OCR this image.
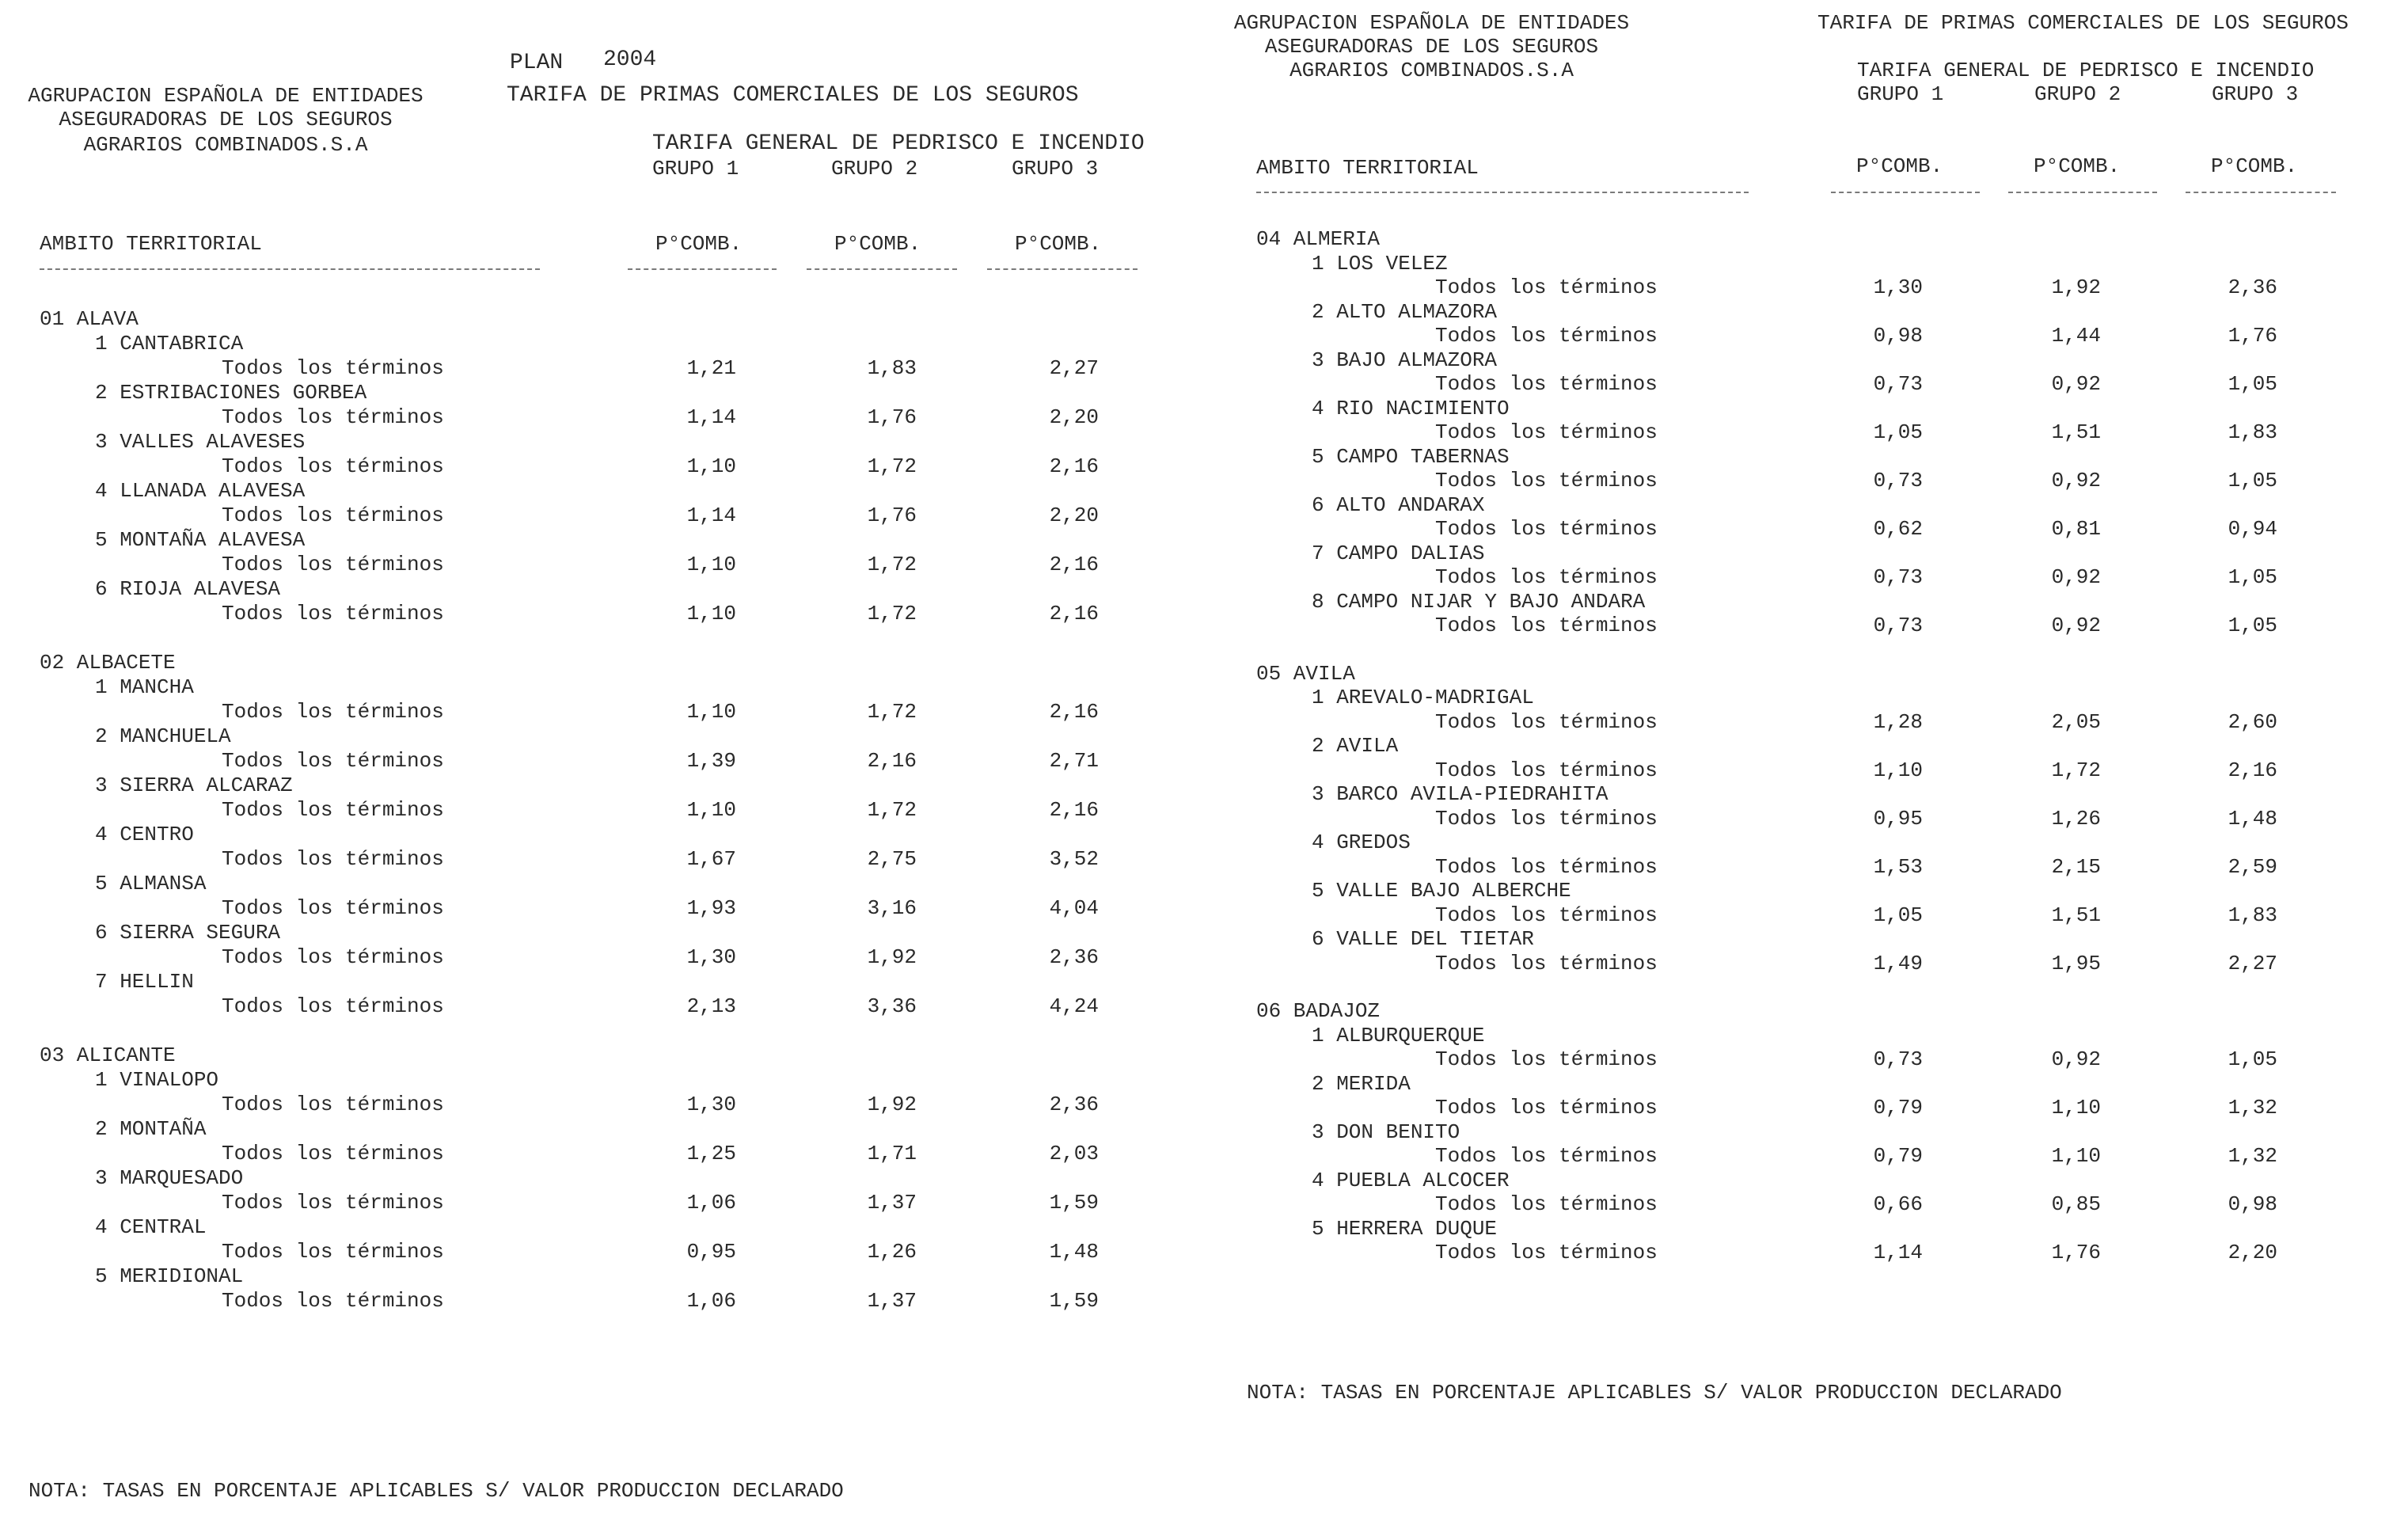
PLAN 2004
AGRUPACION ESPAÑOLA DE ENTIDADES
ASEGURADORAS DE LOS SEGUROS
AGRARIOS COMBINADOS.S.A
TARIFA DE PRIMAS COMERCIALES DE LOS SEGUROS
TARIFA GENERAL DE PEDRISCO E INCENDIO
GRUPO 1	GRUPO 2	GRUPO 3
AMBITO TERRITORIAL	P°COMB.	P°COMB.	P°COMB.
01 ALAVA
1 CANTABRICA
Todos los términos	1,21	1,83	2,27
2 ESTRIBACIONES GORBEA
Todos los términos	1,14	1,76	2,20
3 VALLES ALAVESES
Todos los términos	1,10	1,72	2,16
4 LLANADA ALAVESA
Todos los términos	1,14	1,76	2,20
5 MONTAÑA ALAVESA
Todos los términos	1,10	1,72	2,16
6 RIOJA ALAVESA
Todos los términos	1,10	1,72	2,16
02 ALBACETE
1 MANCHA
Todos los términos	1,10	1,72	2,16
2 MANCHUELA
Todos los términos	1,39	2,16	2,71
3 SIERRA ALCARAZ
Todos los términos	1,10	1,72	2,16
4 CENTRO
Todos los términos	1,67	2,75	3,52
5 ALMANSA
Todos los términos	1,93	3,16	4,04
6 SIERRA SEGURA
Todos los términos	1,30	1,92	2,36
7 HELLIN
Todos los términos	2,13	3,36	4,24
03 ALICANTE
1 VINALOPO
Todos los términos	1,30	1,92	2,36
2 MONTAÑA
Todos los términos	1,25	1,71	2,03
3 MARQUESADO
Todos los términos	1,06	1,37	1,59
4 CENTRAL
Todos los términos	0,95	1,26	1,48
5 MERIDIONAL
Todos los términos	1,06	1,37	1,59
NOTA: TASAS EN PORCENTAJE APLICABLES S/ VALOR PRODUCCION DECLARADO
AGRUPACION ESPAÑOLA DE ENTIDADES
ASEGURADORAS DE LOS SEGUROS
AGRARIOS COMBINADOS.S.A
TARIFA DE PRIMAS COMERCIALES DE LOS SEGUROS
TARIFA GENERAL DE PEDRISCO E INCENDIO
GRUPO 1	GRUPO 2	GRUPO 3
AMBITO TERRITORIAL	P°COMB.	P°COMB.	P°COMB.
04 ALMERIA
1 LOS VELEZ
Todos los términos	1,30	1,92	2,36
2 ALTO ALMAZORA
Todos los términos	0,98	1,44	1,76
3 BAJO ALMAZORA
Todos los términos	0,73	0,92	1,05
4 RIO NACIMIENTO
Todos los términos	1,05	1,51	1,83
5 CAMPO TABERNAS
Todos los términos	0,73	0,92	1,05
6 ALTO ANDARAX
Todos los términos	0,62	0,81	0,94
7 CAMPO DALIAS
Todos los términos	0,73	0,92	1,05
8 CAMPO NIJAR Y BAJO ANDARA
Todos los términos	0,73	0,92	1,05
05 AVILA
1 AREVALO-MADRIGAL
Todos los términos	1,28	2,05	2,60
2 AVILA
Todos los términos	1,10	1,72	2,16
3 BARCO AVILA-PIEDRAHITA
Todos los términos	0,95	1,26	1,48
4 GREDOS
Todos los términos	1,53	2,15	2,59
5 VALLE BAJO ALBERCHE
Todos los términos	1,05	1,51	1,83
6 VALLE DEL TIETAR
Todos los términos	1,49	1,95	2,27
06 BADAJOZ
1 ALBURQUERQUE
Todos los términos	0,73	0,92	1,05
2 MERIDA
Todos los términos	0,79	1,10	1,32
3 DON BENITO
Todos los términos	0,79	1,10	1,32
4 PUEBLA ALCOCER
Todos los términos	0,66	0,85	0,98
5 HERRERA DUQUE
Todos los términos	1,14	1,76	2,20
NOTA: TASAS EN PORCENTAJE APLICABLES S/ VALOR PRODUCCION DECLARADO
